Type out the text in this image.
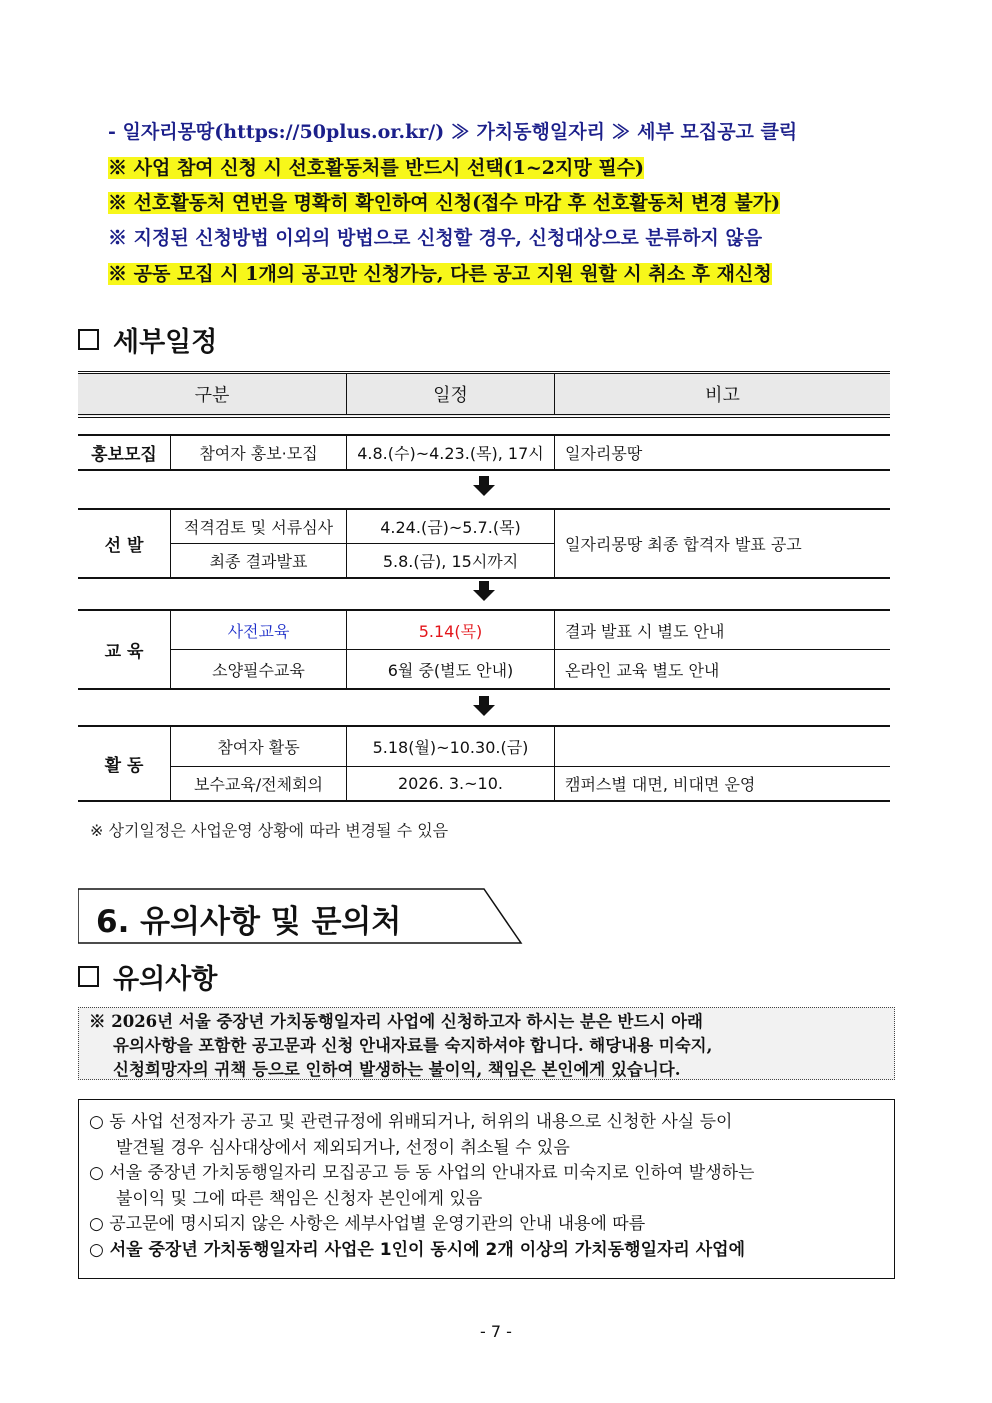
- 일자리몽땅(https://50plus.or.kr/) ≫ 가치동행일자리 ≫ 세부 모집공고 클릭
※ 사업 참여 신청 시 선호활동처를 반드시 선택(1~2지망 필수)
※ 선호활동처 연번을 명확히 확인하여 신청(접수 마감 후 선호활동처 변경 불가)
※ 지정된 신청방법 이외의 방법으로 신청할 경우, 신청대상으로 분류하지 않음
※ 공동 모집 시 1개의 공고만 신청가능, 다른 공고 지원 원할 시 취소 후 재신청
세부일정
구분	일정	비고
홍보모집	참여자 홍보·모집	4.8.(수)~4.23.(목), 17시	일자리몽땅
선 발	적격검토 및 서류심사	4.24.(금)~5.7.(목)	일자리몽땅 최종 합격자 발표 공고
	최종 결과발표	5.8.(금), 15시까지	
교 육	사전교육	5.14(목)	결과 발표 시 별도 안내
	소양필수교육	6월 중(별도 안내)	온라인 교육 별도 안내
활 동	참여자 활동	5.18(월)~10.30.(금)	
	보수교육/전체회의	2026. 3.~10.	캠퍼스별 대면, 비대면 운영
※ 상기일정은 사업운영 상황에 따라 변경될 수 있음
6. 유의사항 및 문의처
유의사항
※ 2026년 서울 중장년 가치동행일자리 사업에 신청하고자 하시는 분은 반드시 아래
유의사항을 포함한 공고문과 신청 안내자료를 숙지하셔야 합니다. 해당내용 미숙지,
신청희망자의 귀책 등으로 인하여 발생하는 불이익, 책임은 본인에게 있습니다.
○ 동 사업 선정자가 공고 및 관련규정에 위배되거나, 허위의 내용으로 신청한 사실 등이
발견될 경우 심사대상에서 제외되거나, 선정이 취소될 수 있음
○ 서울 중장년 가치동행일자리 모집공고 등 동 사업의 안내자료 미숙지로 인하여 발생하는
불이익 및 그에 따른 책임은 신청자 본인에게 있음
○ 공고문에 명시되지 않은 사항은 세부사업별 운영기관의 안내 내용에 따름
○ 서울 중장년 가치동행일자리 사업은 1인이 동시에 2개 이상의 가치동행일자리 사업에
- 7 -
